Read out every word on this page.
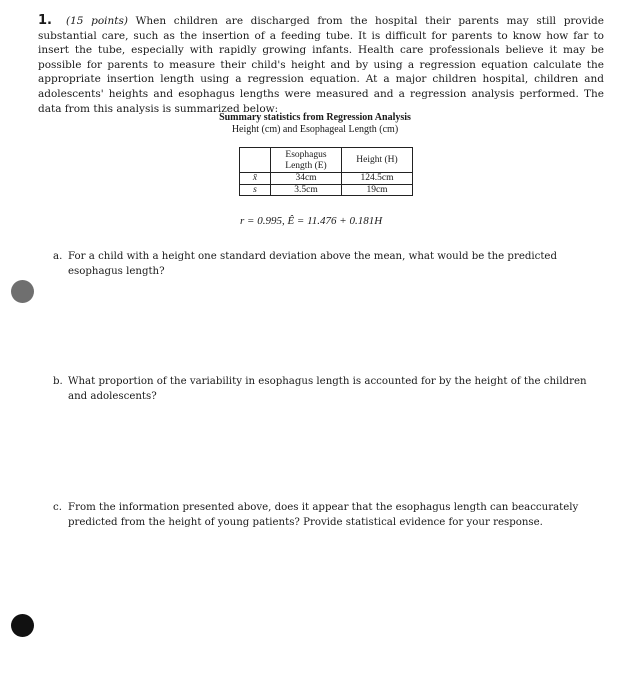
1. (15 points) When children are discharged from the hospital their parents may still provide substantial care, such as the insertion of a feeding tube. It is difficult for parents to know how far to insert the tube, especially with rapidly growing infants. Health care professionals believe it may be possible for parents to measure their child's height and by using a regression equation calculate the appropriate insertion length using a regression equation. At a major children hospital, children and adolescents' heights and esophagus lengths were measured and a regression analysis performed. The data from this analysis is summarized below:
Summary statistics from Regression Analysis
Height (cm) and Esophageal Length (cm)
	Esophagus Length (E)	Height (H)
x̄	34cm	124.5cm
s	3.5cm	19cm
r = 0.995, Ê = 11.476 + 0.181H
a. For a child with a height one standard deviation above the mean, what would be the predicted esophagus length?
b. What proportion of the variability in esophagus length is accounted for by the height of the children and adolescents?
c. From the information presented above, does it appear that the esophagus length can beaccurately predicted from the height of young patients? Provide statistical evidence for your response.
